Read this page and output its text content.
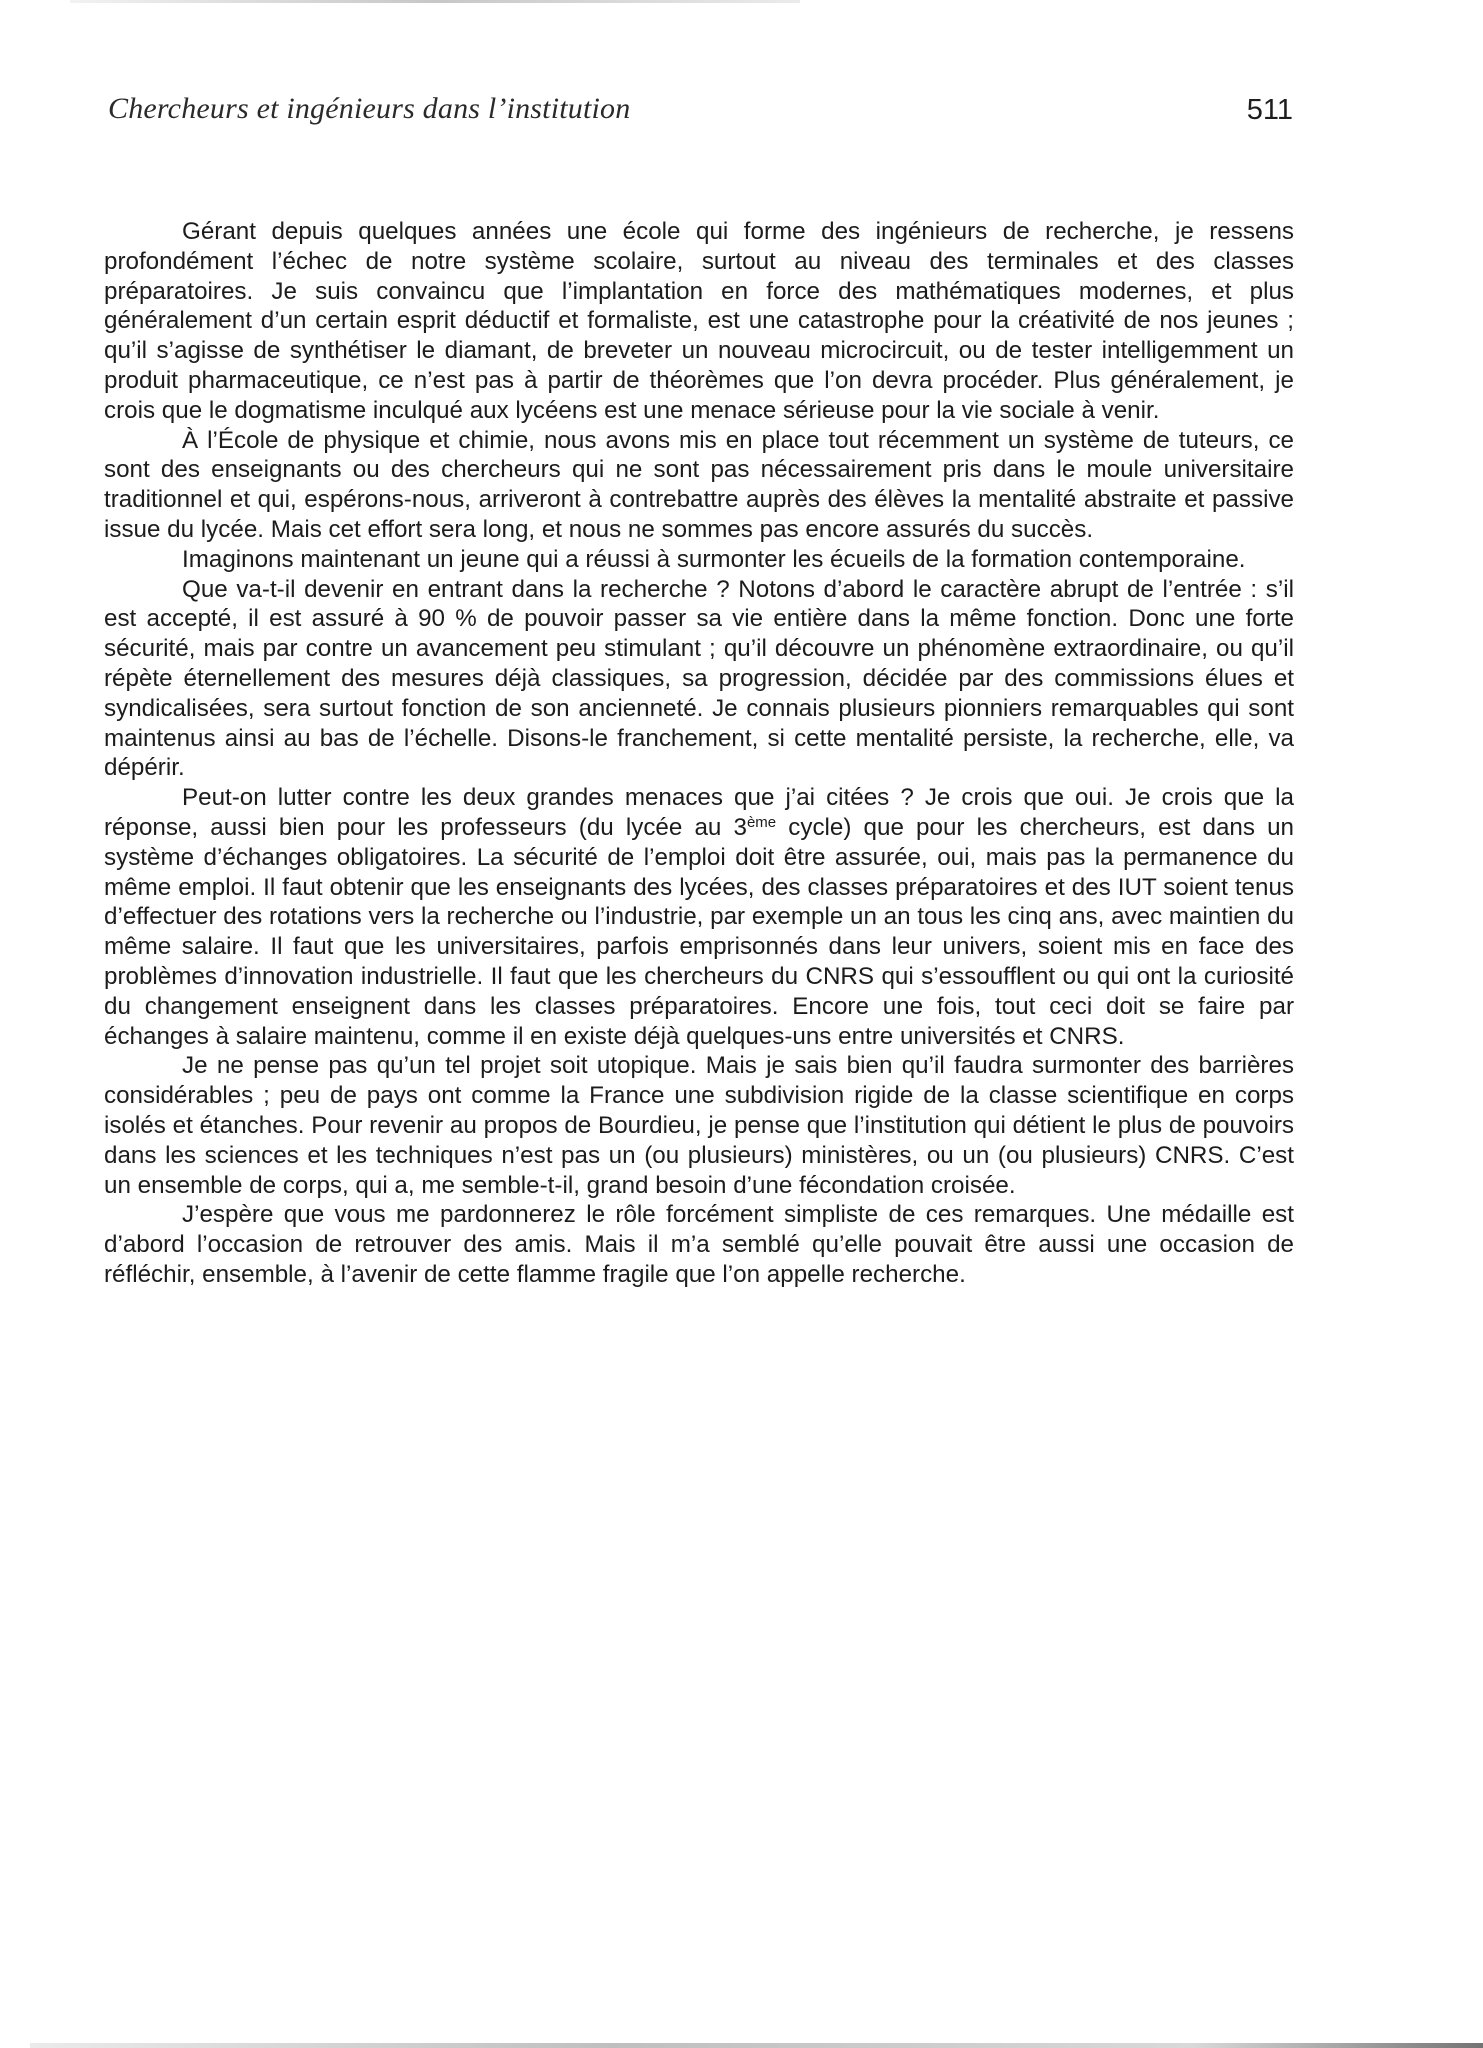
Chercheurs et ingénieurs dans l’institution	511

Gérant depuis quelques années une école qui forme des ingénieurs de recherche, je ressens profondément l’échec de notre système scolaire, surtout au niveau des terminales et des classes préparatoires. Je suis convaincu que l’implantation en force des mathématiques modernes, et plus généralement d’un certain esprit déductif et formaliste, est une catastrophe pour la créativité de nos jeunes ; qu’il s’agisse de synthétiser le diamant, de breveter un nouveau microcircuit, ou de tester intelligemment un produit pharmaceutique, ce n’est pas à partir de théorèmes que l’on devra procéder. Plus généralement, je crois que le dogmatisme inculqué aux lycéens est une menace sérieuse pour la vie sociale à venir.

À l’École de physique et chimie, nous avons mis en place tout récemment un système de tuteurs, ce sont des enseignants ou des chercheurs qui ne sont pas nécessairement pris dans le moule universitaire traditionnel et qui, espérons-nous, arriveront à contrebattre auprès des élèves la mentalité abstraite et passive issue du lycée. Mais cet effort sera long, et nous ne sommes pas encore assurés du succès.

Imaginons maintenant un jeune qui a réussi à surmonter les écueils de la formation contemporaine.

Que va-t-il devenir en entrant dans la recherche ? Notons d’abord le caractère abrupt de l’entrée : s’il est accepté, il est assuré à 90 % de pouvoir passer sa vie entière dans la même fonction. Donc une forte sécurité, mais par contre un avancement peu stimulant ; qu’il découvre un phénomène extraordinaire, ou qu’il répète éternellement des mesures déjà classiques, sa progression, décidée par des commissions élues et syndicalisées, sera surtout fonction de son ancienneté. Je connais plusieurs pionniers remarquables qui sont maintenus ainsi au bas de l’échelle. Disons-le franchement, si cette mentalité persiste, la recherche, elle, va dépérir.

Peut-on lutter contre les deux grandes menaces que j’ai citées ? Je crois que oui. Je crois que la réponse, aussi bien pour les professeurs (du lycée au 3ème cycle) que pour les chercheurs, est dans un système d’échanges obligatoires. La sécurité de l’emploi doit être assurée, oui, mais pas la permanence du même emploi. Il faut obtenir que les enseignants des lycées, des classes préparatoires et des IUT soient tenus d’effectuer des rotations vers la recherche ou l’industrie, par exemple un an tous les cinq ans, avec maintien du même salaire. Il faut que les universitaires, parfois emprisonnés dans leur univers, soient mis en face des problèmes d’innovation industrielle. Il faut que les chercheurs du CNRS qui s’essoufflent ou qui ont la curiosité du changement enseignent dans les classes préparatoires. Encore une fois, tout ceci doit se faire par échanges à salaire maintenu, comme il en existe déjà quelques-uns entre universités et CNRS.

Je ne pense pas qu’un tel projet soit utopique. Mais je sais bien qu’il faudra surmonter des barrières considérables ; peu de pays ont comme la France une subdivision rigide de la classe scientifique en corps isolés et étanches. Pour revenir au propos de Bourdieu, je pense que l’institution qui détient le plus de pouvoirs dans les sciences et les techniques n’est pas un (ou plusieurs) ministères, ou un (ou plusieurs) CNRS. C’est un ensemble de corps, qui a, me semble-t-il, grand besoin d’une fécondation croisée.

J’espère que vous me pardonnerez le rôle forcément simpliste de ces remarques. Une médaille est d’abord l’occasion de retrouver des amis. Mais il m’a semblé qu’elle pouvait être aussi une occasion de réfléchir, ensemble, à l’avenir de cette flamme fragile que l’on appelle recherche.
